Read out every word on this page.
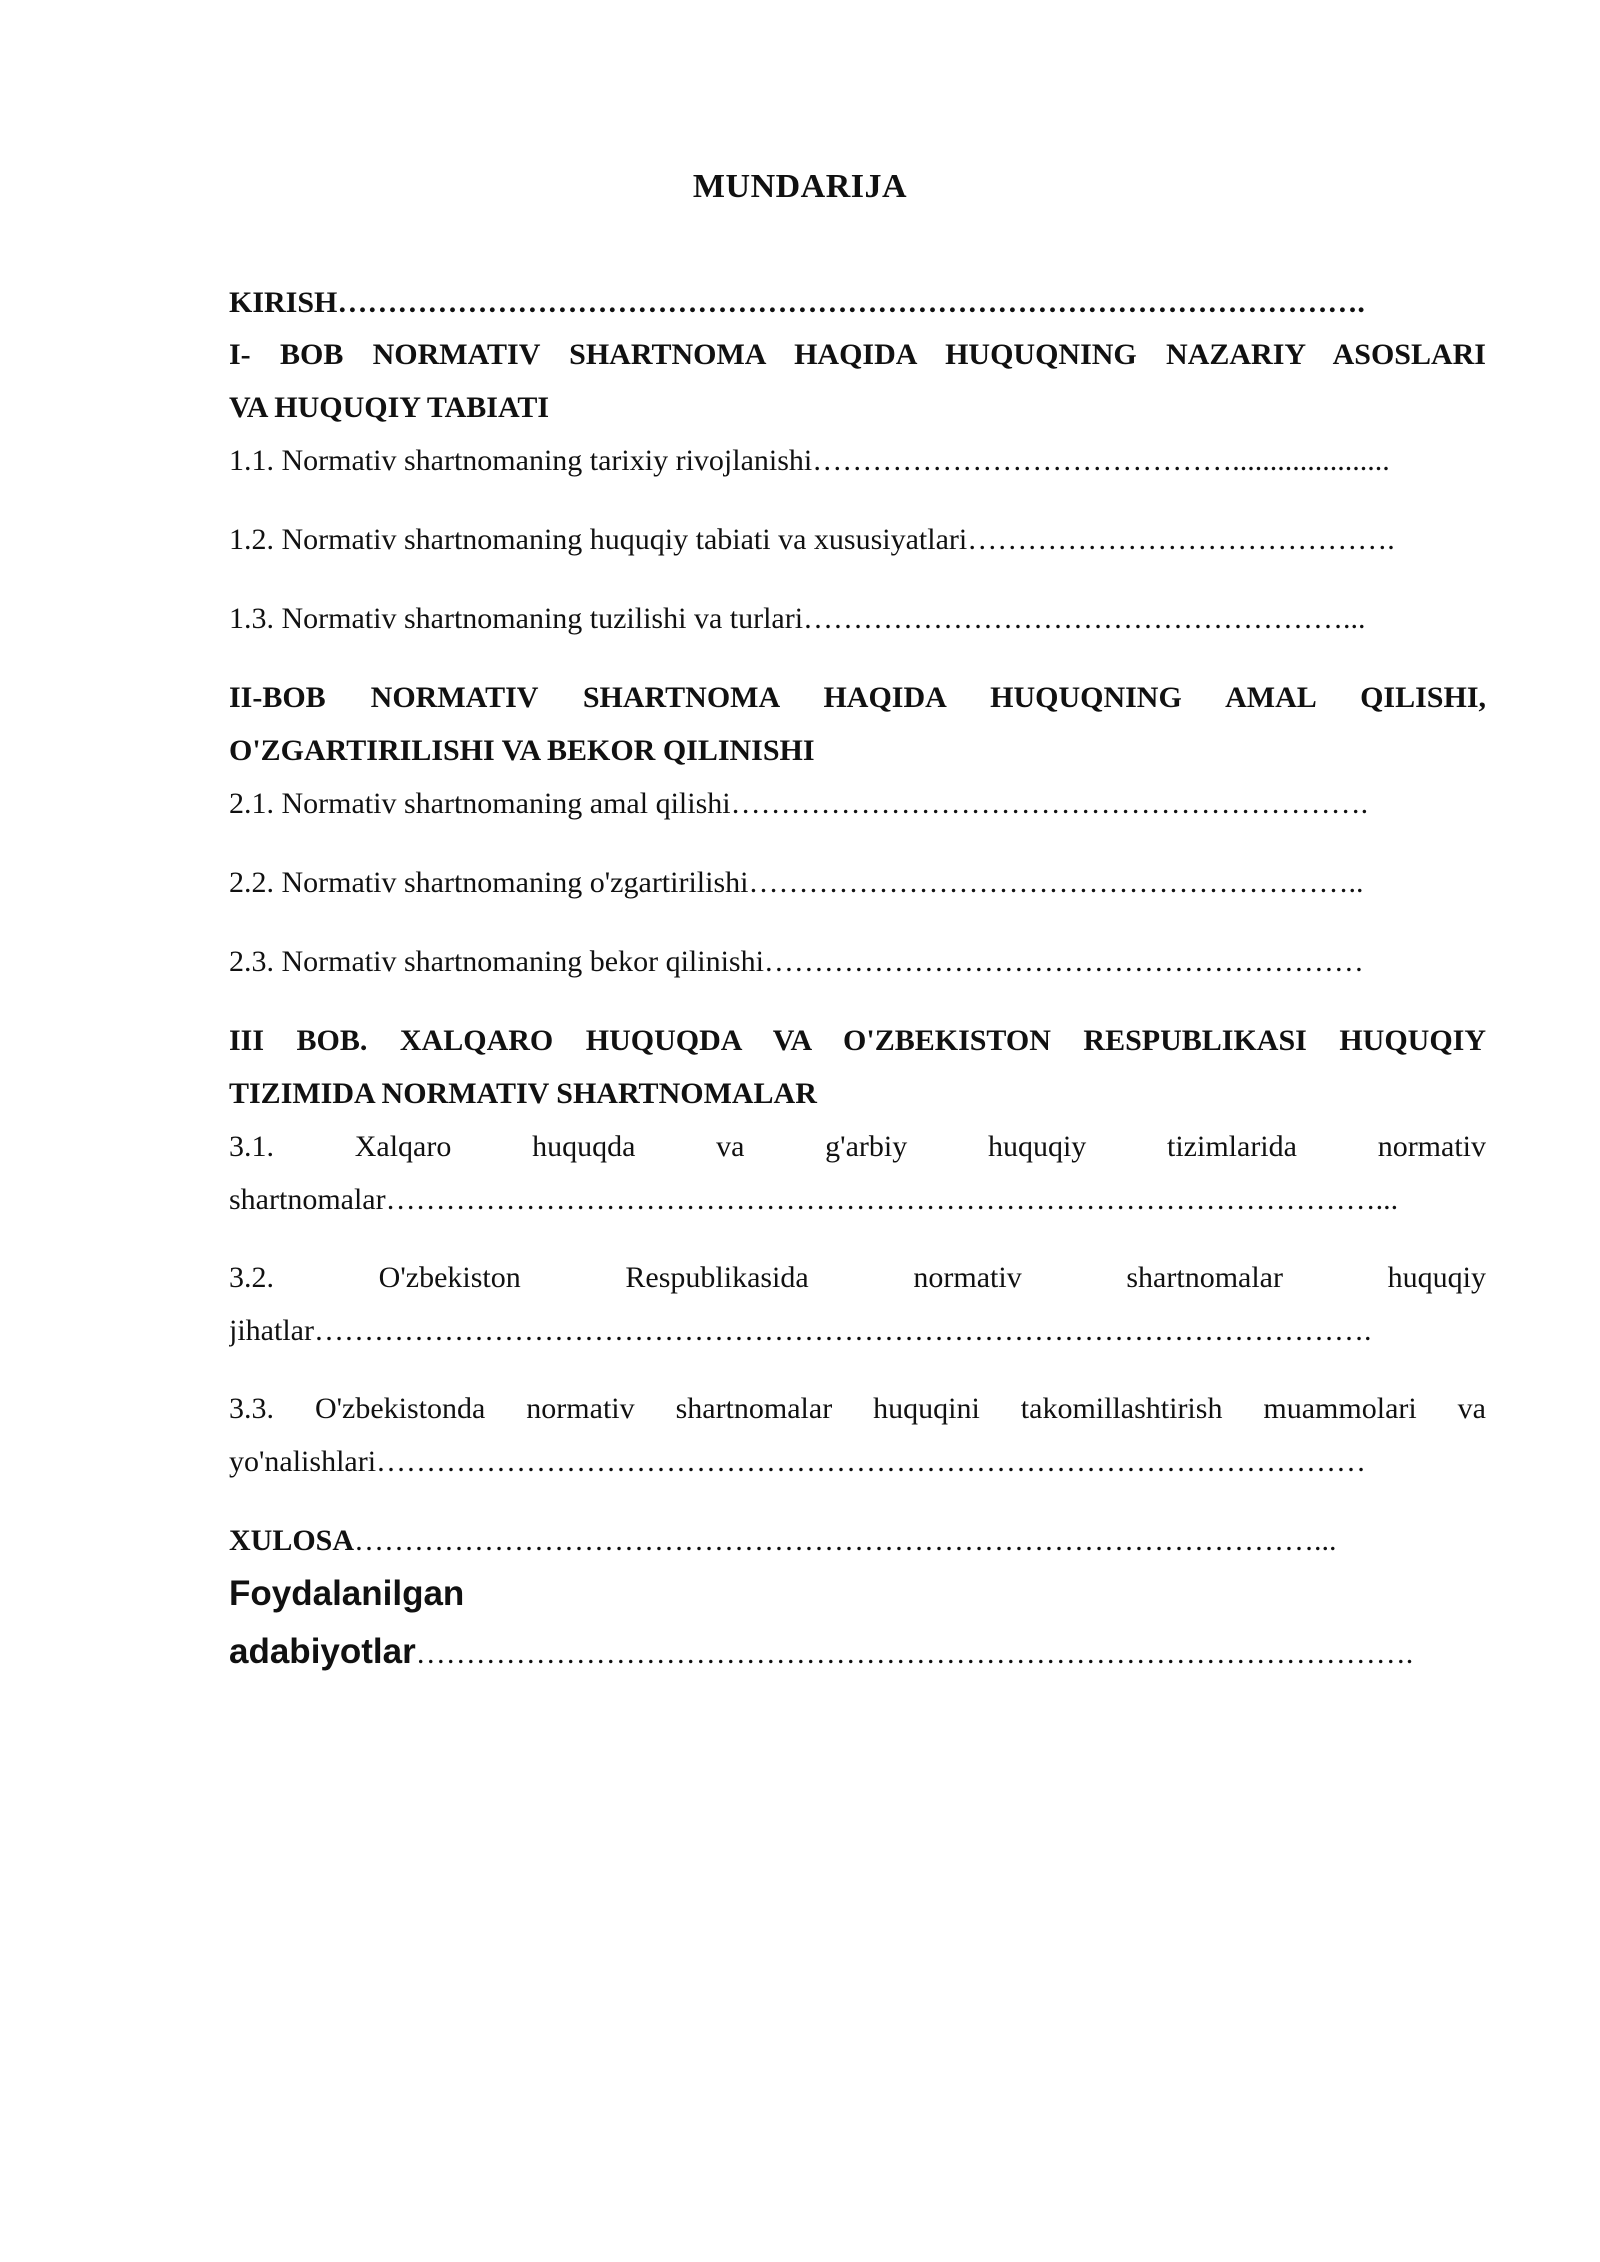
MUNDARIJA
KIRISH………………………………………………………………………………………….
I- BOB NORMATIV SHARTNOMA HAQIDA HUQUQNING NAZARIY ASOSLARI
VA HUQUQIY TABIATI
1.1. Normativ shartnomaning tarixiy rivojlanishi…………………………………….....................
1.2. Normativ shartnomaning huquqiy tabiati va xususiyatlari…………………………………….
1.3. Normativ shartnomaning tuzilishi va turlari………………………………………………...
II-BOB NORMATIV SHARTNOMA HAQIDA HUQUQNING AMAL QILISHI,
O'ZGARTIRILISHI VA BEKOR QILINISHI
2.1. Normativ shartnomaning amal qilishi……………………………………………………….
2.2. Normativ shartnomaning o'zgartirilishi……………………………………………………..
2.3. Normativ shartnomaning bekor qilinishi……………………………………………………
III BOB. XALQARO HUQUQDA VA O'ZBEKISTON RESPUBLIKASI HUQUQIY
TIZIMIDA NORMATIV SHARTNOMALAR
3.1. Xalqaro huquqda va g'arbiy huquqiy tizimlarida normativ
shartnomalar………………………………………………………………………………………...
3.2. O'zbekiston Respublikasida normativ shartnomalar huquqiy
jihatlar…………………………………………………………………………………………….
3.3. O'zbekistonda normativ shartnomalar huquqini takomillashtirish muammolari va
yo'nalishlari………………………………………………………………………………………
XULOSA……………………………………………………………………………………...
Foydalanilgan
adabiyotlar……………………………………………………………………………………….
